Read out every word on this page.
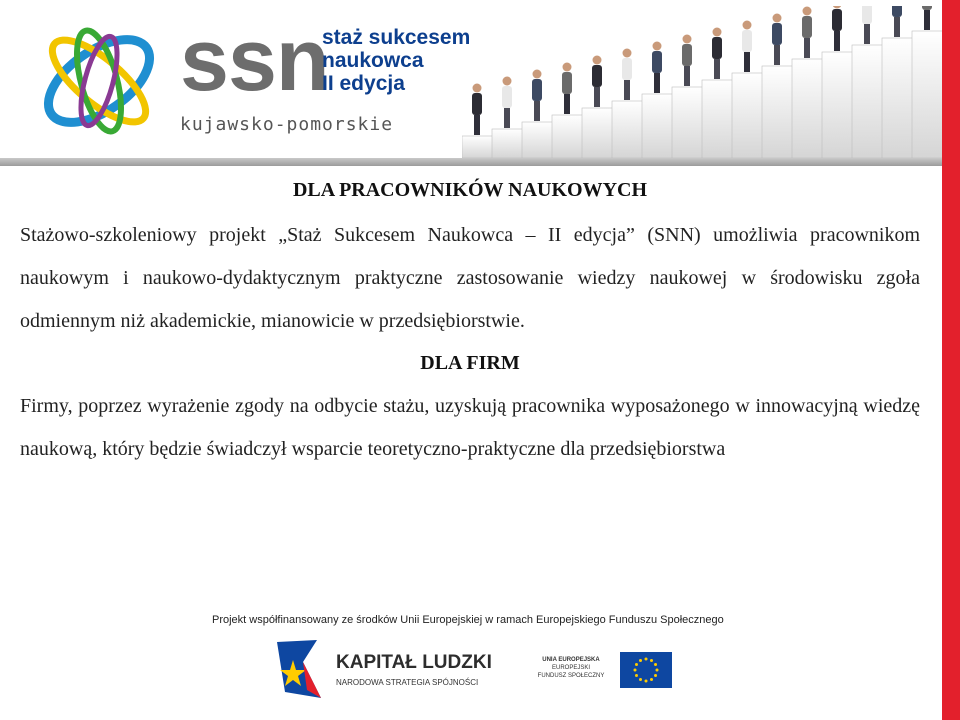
ssn
staż sukcesem
naukowca
II edycja
kujawsko-pomorskie
DLA PRACOWNIKÓW NAUKOWYCH
Stażowo-szkoleniowy projekt „Staż Sukcesem Naukowca – II edycja” (SNN) umożliwia pracownikom naukowym i naukowo-dydaktycznym praktyczne zastosowanie wiedzy naukowej w środowisku zgoła odmiennym niż akademickie, mianowicie w przedsiębiorstwie.
DLA FIRM
Firmy, poprzez wyrażenie zgody na odbycie stażu, uzyskują pracownika wyposażonego w innowacyjną wiedzę naukową, który będzie świadczył wsparcie teoretyczno-praktyczne dla przedsiębiorstwa
Projekt współfinansowany ze środków Unii Europejskiej w ramach Europejskiego Funduszu Społecznego
KAPITAŁ LUDZKI
NARODOWA STRATEGIA SPÓJNOŚCI
UNIA EUROPEJSKA
EUROPEJSKI
FUNDUSZ SPOŁECZNY
